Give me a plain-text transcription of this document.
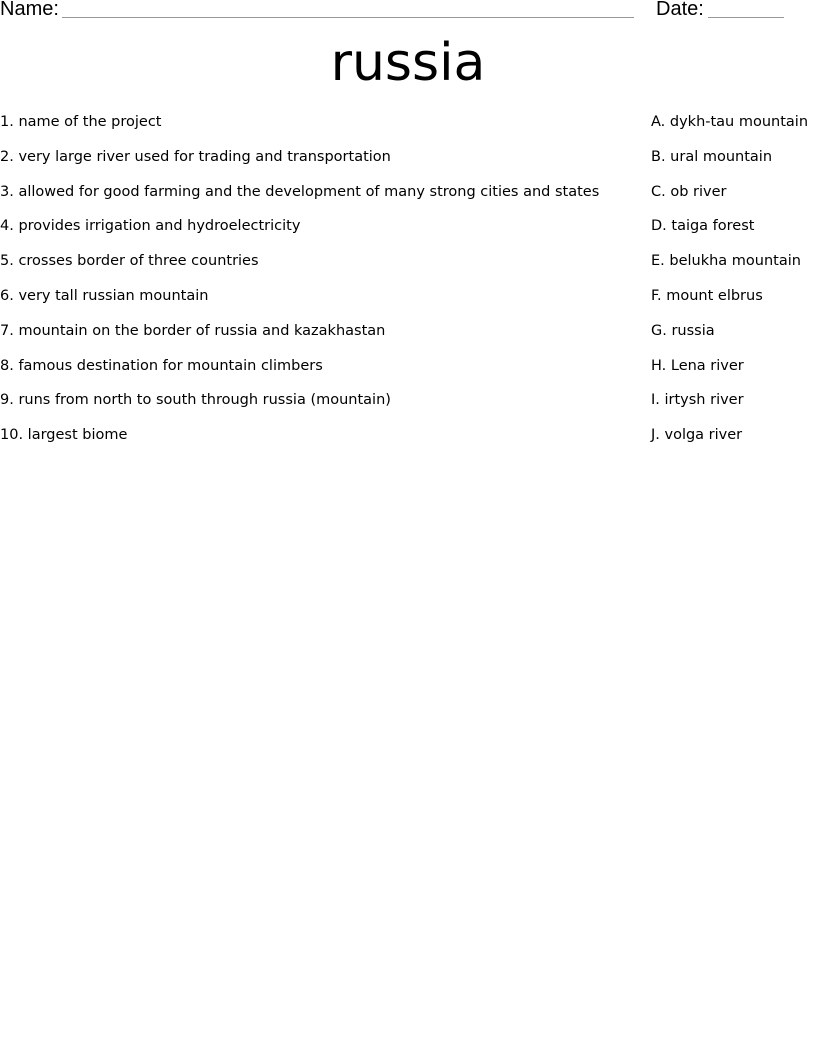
Name:	Date:
russia
1. name of the project
2. very large river used for trading and transportation
3. allowed for good farming and the development of many strong cities and states
4. provides irrigation and hydroelectricity
5. crosses border of three countries
6. very tall russian mountain
7. mountain on the border of russia and kazakhastan
8. famous destination for mountain climbers
9. runs from north to south through russia (mountain)
10. largest biome
A. dykh-tau mountain
B. ural mountain
C. ob river
D. taiga forest
E. belukha mountain
F. mount elbrus
G. russia
H. Lena river
I. irtysh river
J. volga river
